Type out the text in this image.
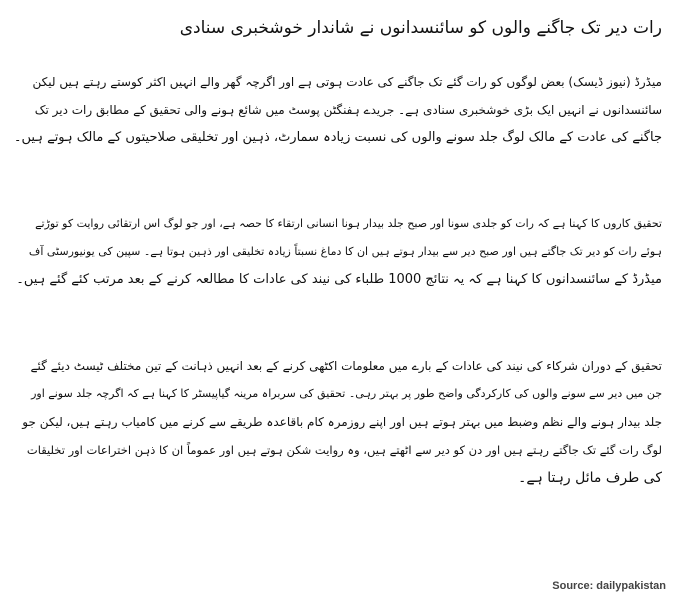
رات دیر تک جاگنے والوں کو سائنسدانوں نے شاندار خوشخبری سنادی
میڈرڈ (نیوز ڈیسک) بعض لوگوں کو رات گئے تک جاگنے کی عادت ہوتی ہے اور اگرچہ گھر والے انہیں اکثر کوستے رہتے ہیں لیکن
سائنسدانوں نے انہیں ایک بڑی خوشخبری سنادی ہے۔ جریدے ہفنگٹن پوسٹ میں شائع ہونے والی تحقیق کے مطابق رات دیر تک
جاگنے کی عادت کے مالک لوگ جلد سونے والوں کی نسبت زیادہ سمارٹ، ذہین اور تخلیقی صلاحیتوں کے مالک ہوتے ہیں۔
تحقیق کاروں کا کہنا ہے کہ رات کو جلدی سونا اور صبح جلد بیدار ہونا انسانی ارتقاء کا حصہ ہے، اور جو لوگ اس ارتقائی روایت کو توڑتے
ہوئے رات کو دیر تک جاگتے ہیں اور صبح دیر سے بیدار ہوتے ہیں ان کا دماغ نسبتاً زیادہ تخلیقی اور ذہین ہوتا ہے۔ سپین کی یونیورسٹی آف
میڈرڈ کے سائنسدانوں کا کہنا ہے کہ یہ نتائج 1000 طلباء کی نیند کی عادات کا مطالعہ کرنے کے بعد مرتب کئے گئے ہیں۔
تحقیق کے دوران شرکاء کی نیند کی عادات کے بارے میں معلومات اکٹھی کرنے کے بعد انہیں ذہانت کے تین مختلف ٹیسٹ دیئے گئے
جن میں دیر سے سونے والوں کی کارکردگی واضح طور پر بہتر رہی۔ تحقیق کی سربراہ مرینہ گیاپیسٹر کا کہنا ہے کہ اگرچہ جلد سونے اور
جلد بیدار ہونے والے نظم وضبط میں بہتر ہوتے ہیں اور اپنے روزمرہ کام باقاعدہ طریقے سے کرنے میں کامیاب رہتے ہیں، لیکن جو
لوگ رات گئے تک جاگتے رہتے ہیں اور دن کو دیر سے اٹھتے ہیں، وہ روایت شکن ہوتے ہیں اور عموماً ان کا ذہن اختراعات اور تخلیقات
کی طرف مائل رہتا ہے۔
Source: dailypakistan
